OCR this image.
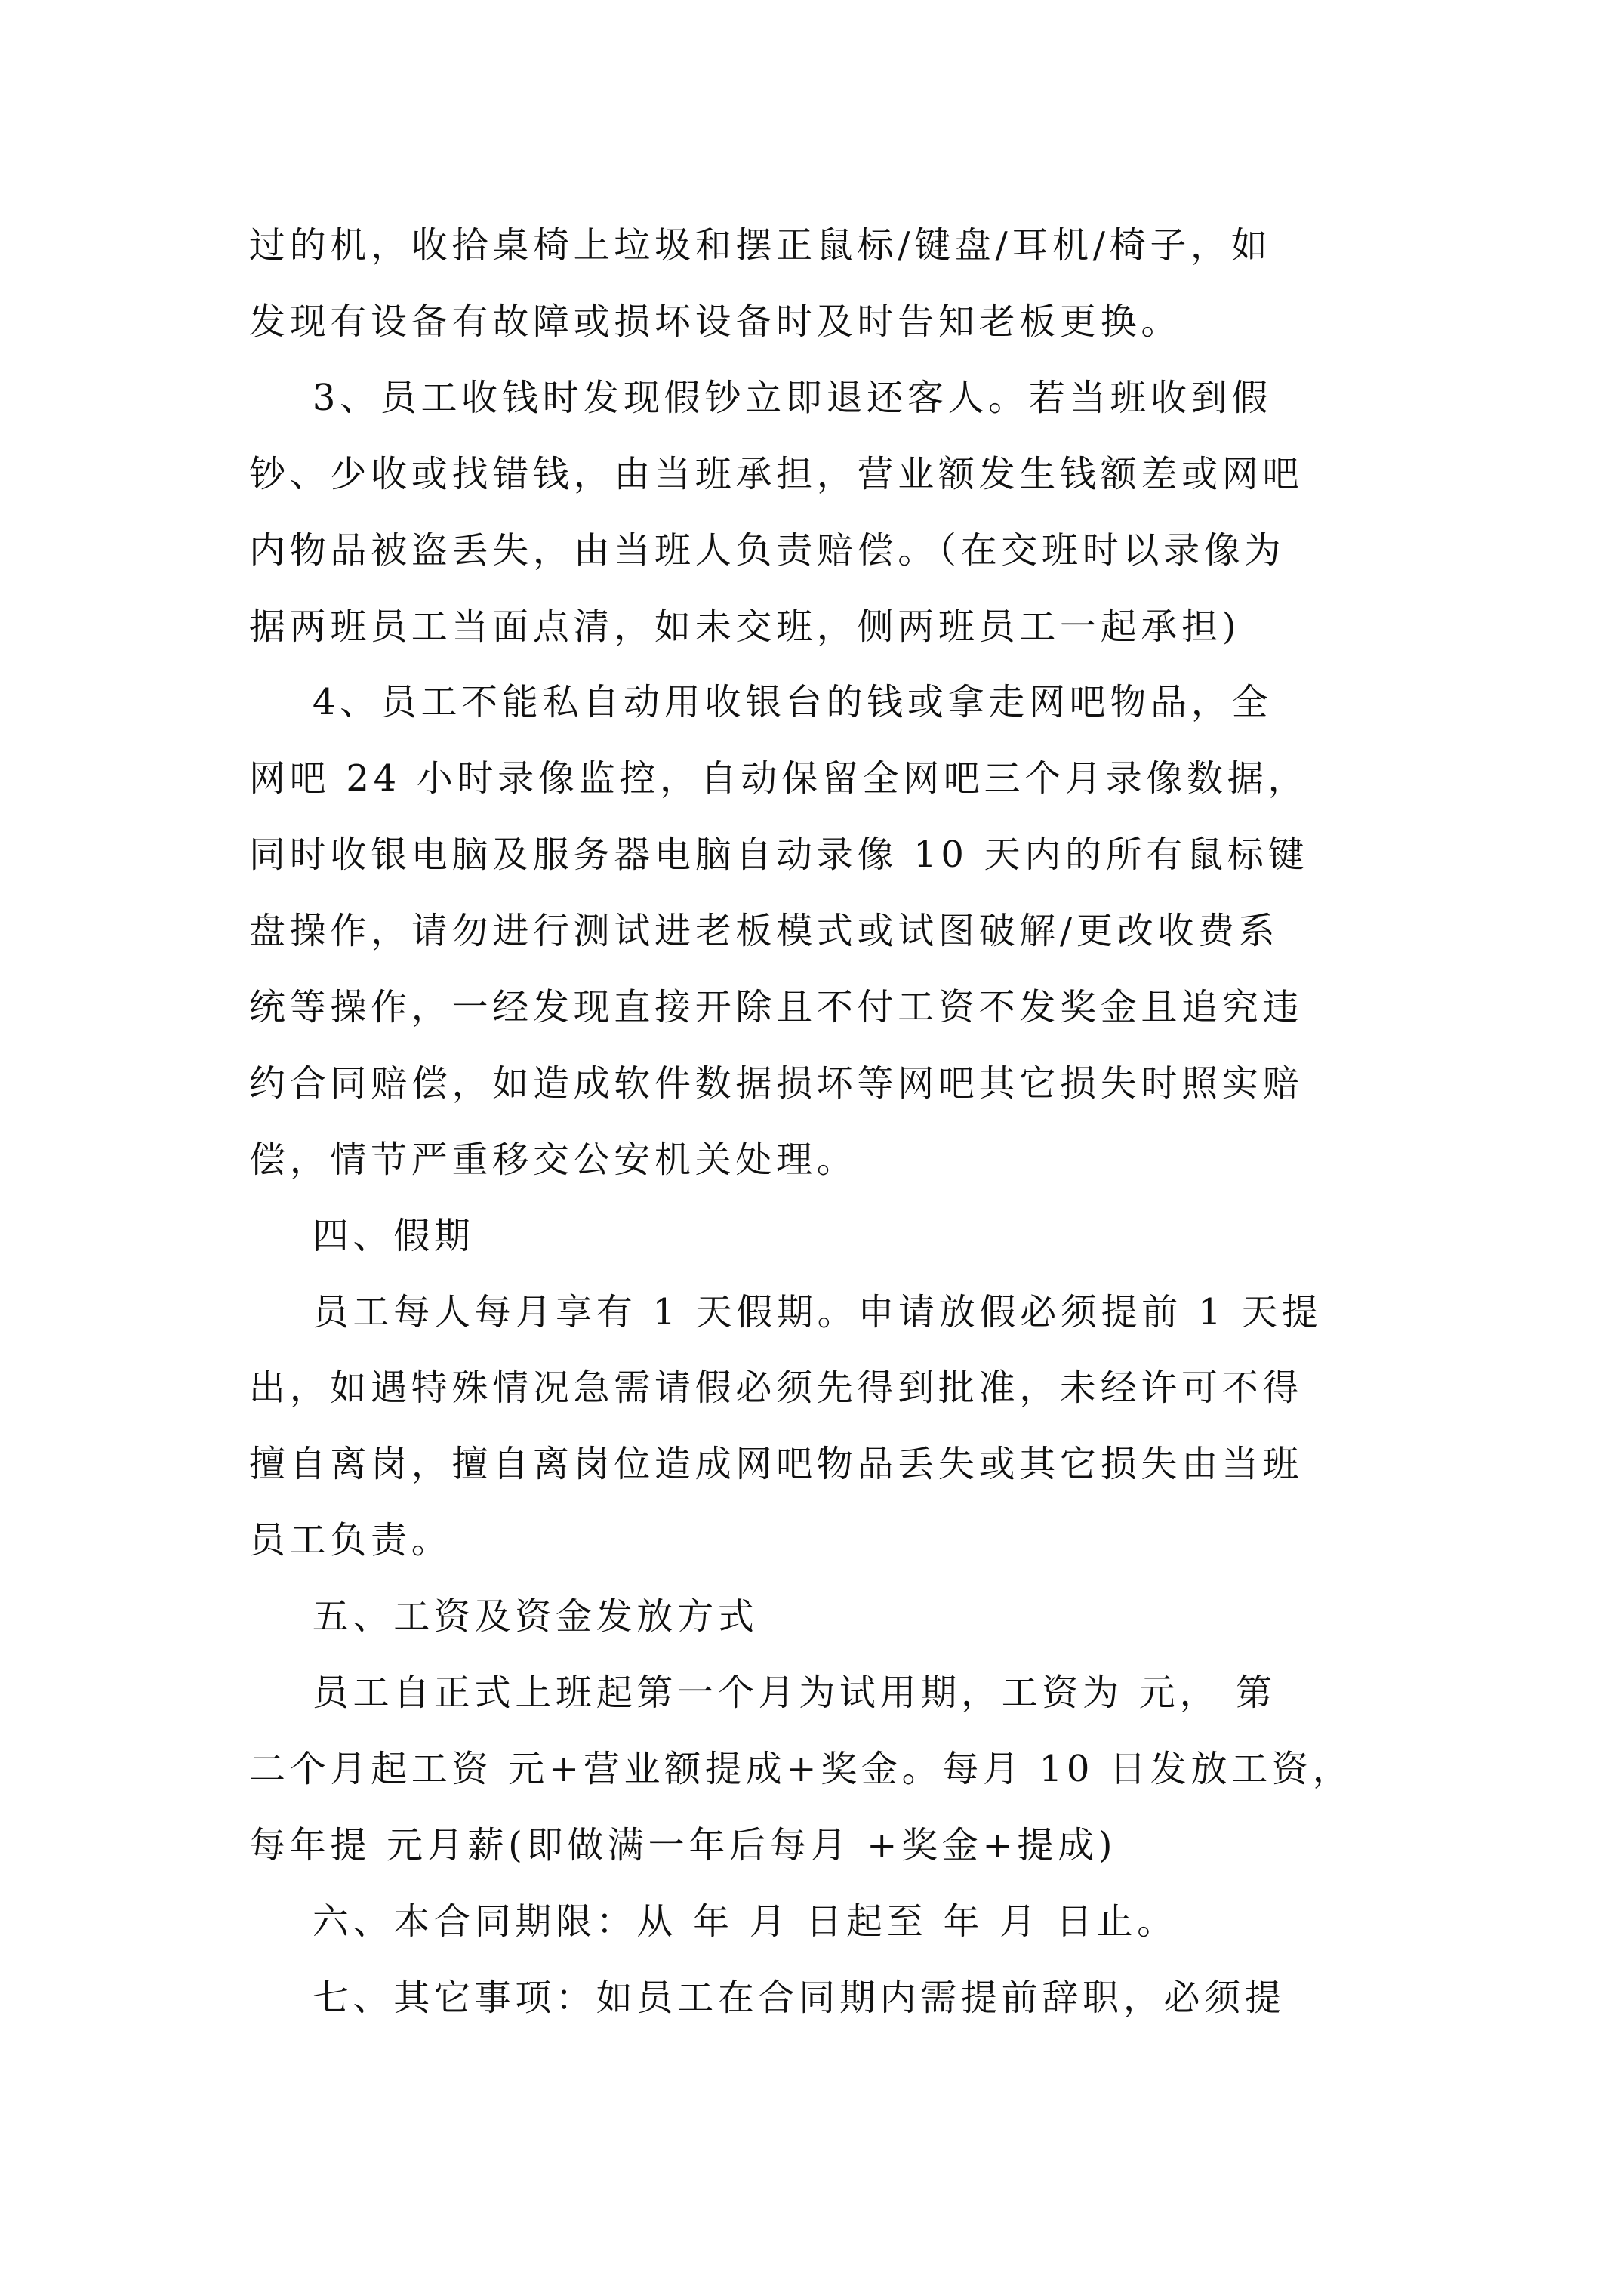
过的机，收拾桌椅上垃圾和摆正鼠标/键盘/耳机/椅子，如
发现有设备有故障或损坏设备时及时告知老板更换。
3、员工收钱时发现假钞立即退还客人。若当班收到假
钞、少收或找错钱，由当班承担，营业额发生钱额差或网吧
内物品被盗丢失，由当班人负责赔偿。（在交班时以录像为
据两班员工当面点清，如未交班，侧两班员工一起承担)
4、员工不能私自动用收银台的钱或拿走网吧物品，全
网吧 24 小时录像监控，自动保留全网吧三个月录像数据，
同时收银电脑及服务器电脑自动录像 10 天内的所有鼠标键
盘操作，请勿进行测试进老板模式或试图破解/更改收费系
统等操作，一经发现直接开除且不付工资不发奖金且追究违
约合同赔偿，如造成软件数据损坏等网吧其它损失时照实赔
偿，情节严重移交公安机关处理。
四、假期
员工每人每月享有 1 天假期。申请放假必须提前 1 天提
出，如遇特殊情况急需请假必须先得到批准，未经许可不得
擅自离岗，擅自离岗位造成网吧物品丢失或其它损失由当班
员工负责。
五、工资及资金发放方式
员工自正式上班起第一个月为试用期，工资为 元， 第
二个月起工资 元+营业额提成+奖金。每月 10 日发放工资，
每年提 元月薪(即做满一年后每月 +奖金+提成)
六、本合同期限：从 年 月 日起至 年 月 日止。
七、其它事项：如员工在合同期内需提前辞职，必须提
